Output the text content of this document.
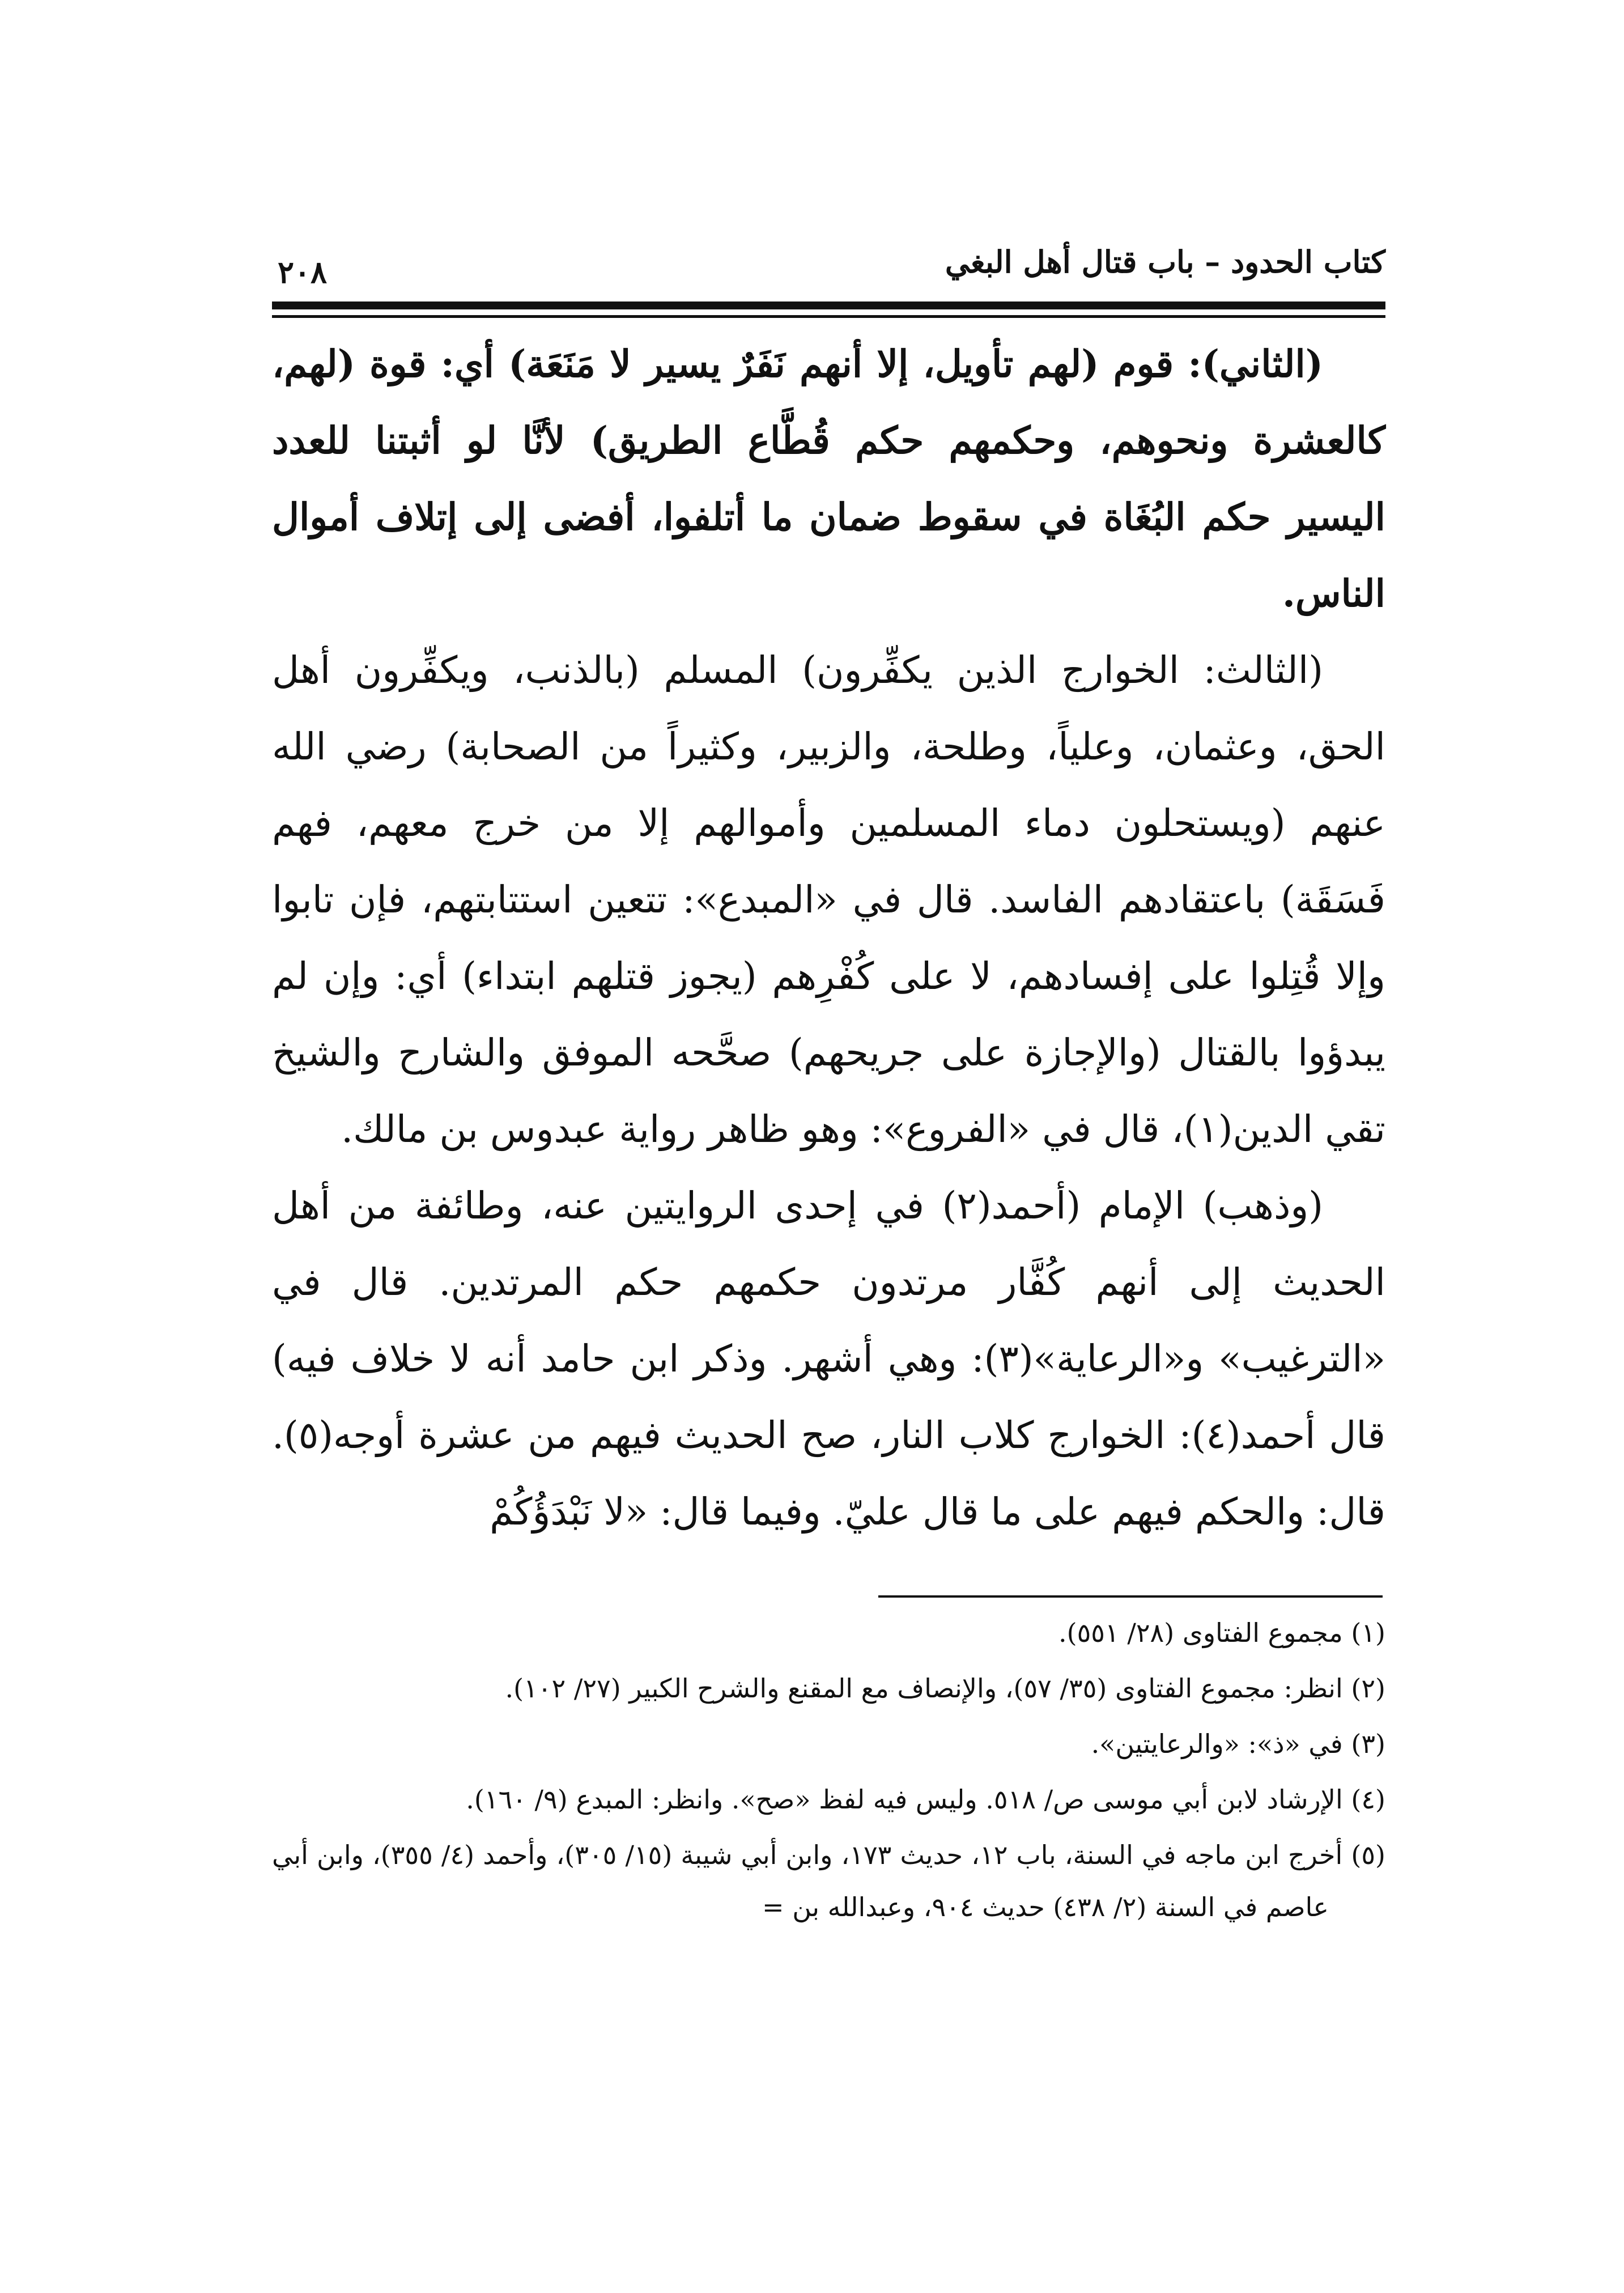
كتاب الحدود – باب قتال أهل البغي
٢٠٨

(الثاني): قوم (لهم تأويل، إلا أنهم نَفَرٌ يسير لا مَنَعَة) أي: قوة (لهم، كالعشرة ونحوهم، وحكمهم حكم قُطَّاع الطريق) لأنَّا لو أثبتنا للعدد اليسير حكم البُغَاة في سقوط ضمان ما أتلفوا، أفضى إلى إتلاف أموال الناس.

(الثالث: الخوارج الذين يكفِّرون) المسلم (بالذنب، ويكفِّرون أهل الحق، وعثمان، وعلياً، وطلحة، والزبير، وكثيراً من الصحابة) رضي الله عنهم (ويستحلون دماء المسلمين وأموالهم إلا من خرج معهم، فهم فَسَقَة) باعتقادهم الفاسد. قال في «المبدع»: تتعين استتابتهم، فإن تابوا وإلا قُتِلوا على إفسادهم، لا على كُفْرِهم (يجوز قتلهم ابتداء) أي: وإن لم يبدؤوا بالقتال (والإجازة على جريحهم) صحَّحه الموفق والشارح والشيخ تقي الدين(١)، قال في «الفروع»: وهو ظاهر رواية عبدوس بن مالك.

(وذهب) الإمام (أحمد(٢) في إحدى الروايتين عنه، وطائفة من أهل الحديث إلى أنهم كُفَّار مرتدون حكمهم حكم المرتدين. قال في «الترغيب» و«الرعاية»(٣): وهي أشهر. وذكر ابن حامد أنه لا خلاف فيه) قال أحمد(٤): الخوارج كلاب النار، صح الحديث فيهم من عشرة أوجه(٥). قال: والحكم فيهم على ما قال عليّ. وفيما قال: «لا نَبْدَؤُكُمْ

(١) مجموع الفتاوى (٢٨/ ٥٥١).

(٢) انظر: مجموع الفتاوى (٣٥/ ٥٧)، والإنصاف مع المقنع والشرح الكبير (٢٧/ ١٠٢).

(٣) في «ذ»: «والرعايتين».

(٤) الإرشاد لابن أبي موسى ص/ ٥١٨. وليس فيه لفظ «صح». وانظر: المبدع (٩/ ١٦٠).

(٥) أخرج ابن ماجه في السنة، باب ١٢، حديث ١٧٣، وابن أبي شيبة (١٥/ ٣٠٥)، وأحمد (٤/ ٣٥٥)، وابن أبي عاصم في السنة (٢/ ٤٣٨) حديث ٩٠٤، وعبدالله بن =
